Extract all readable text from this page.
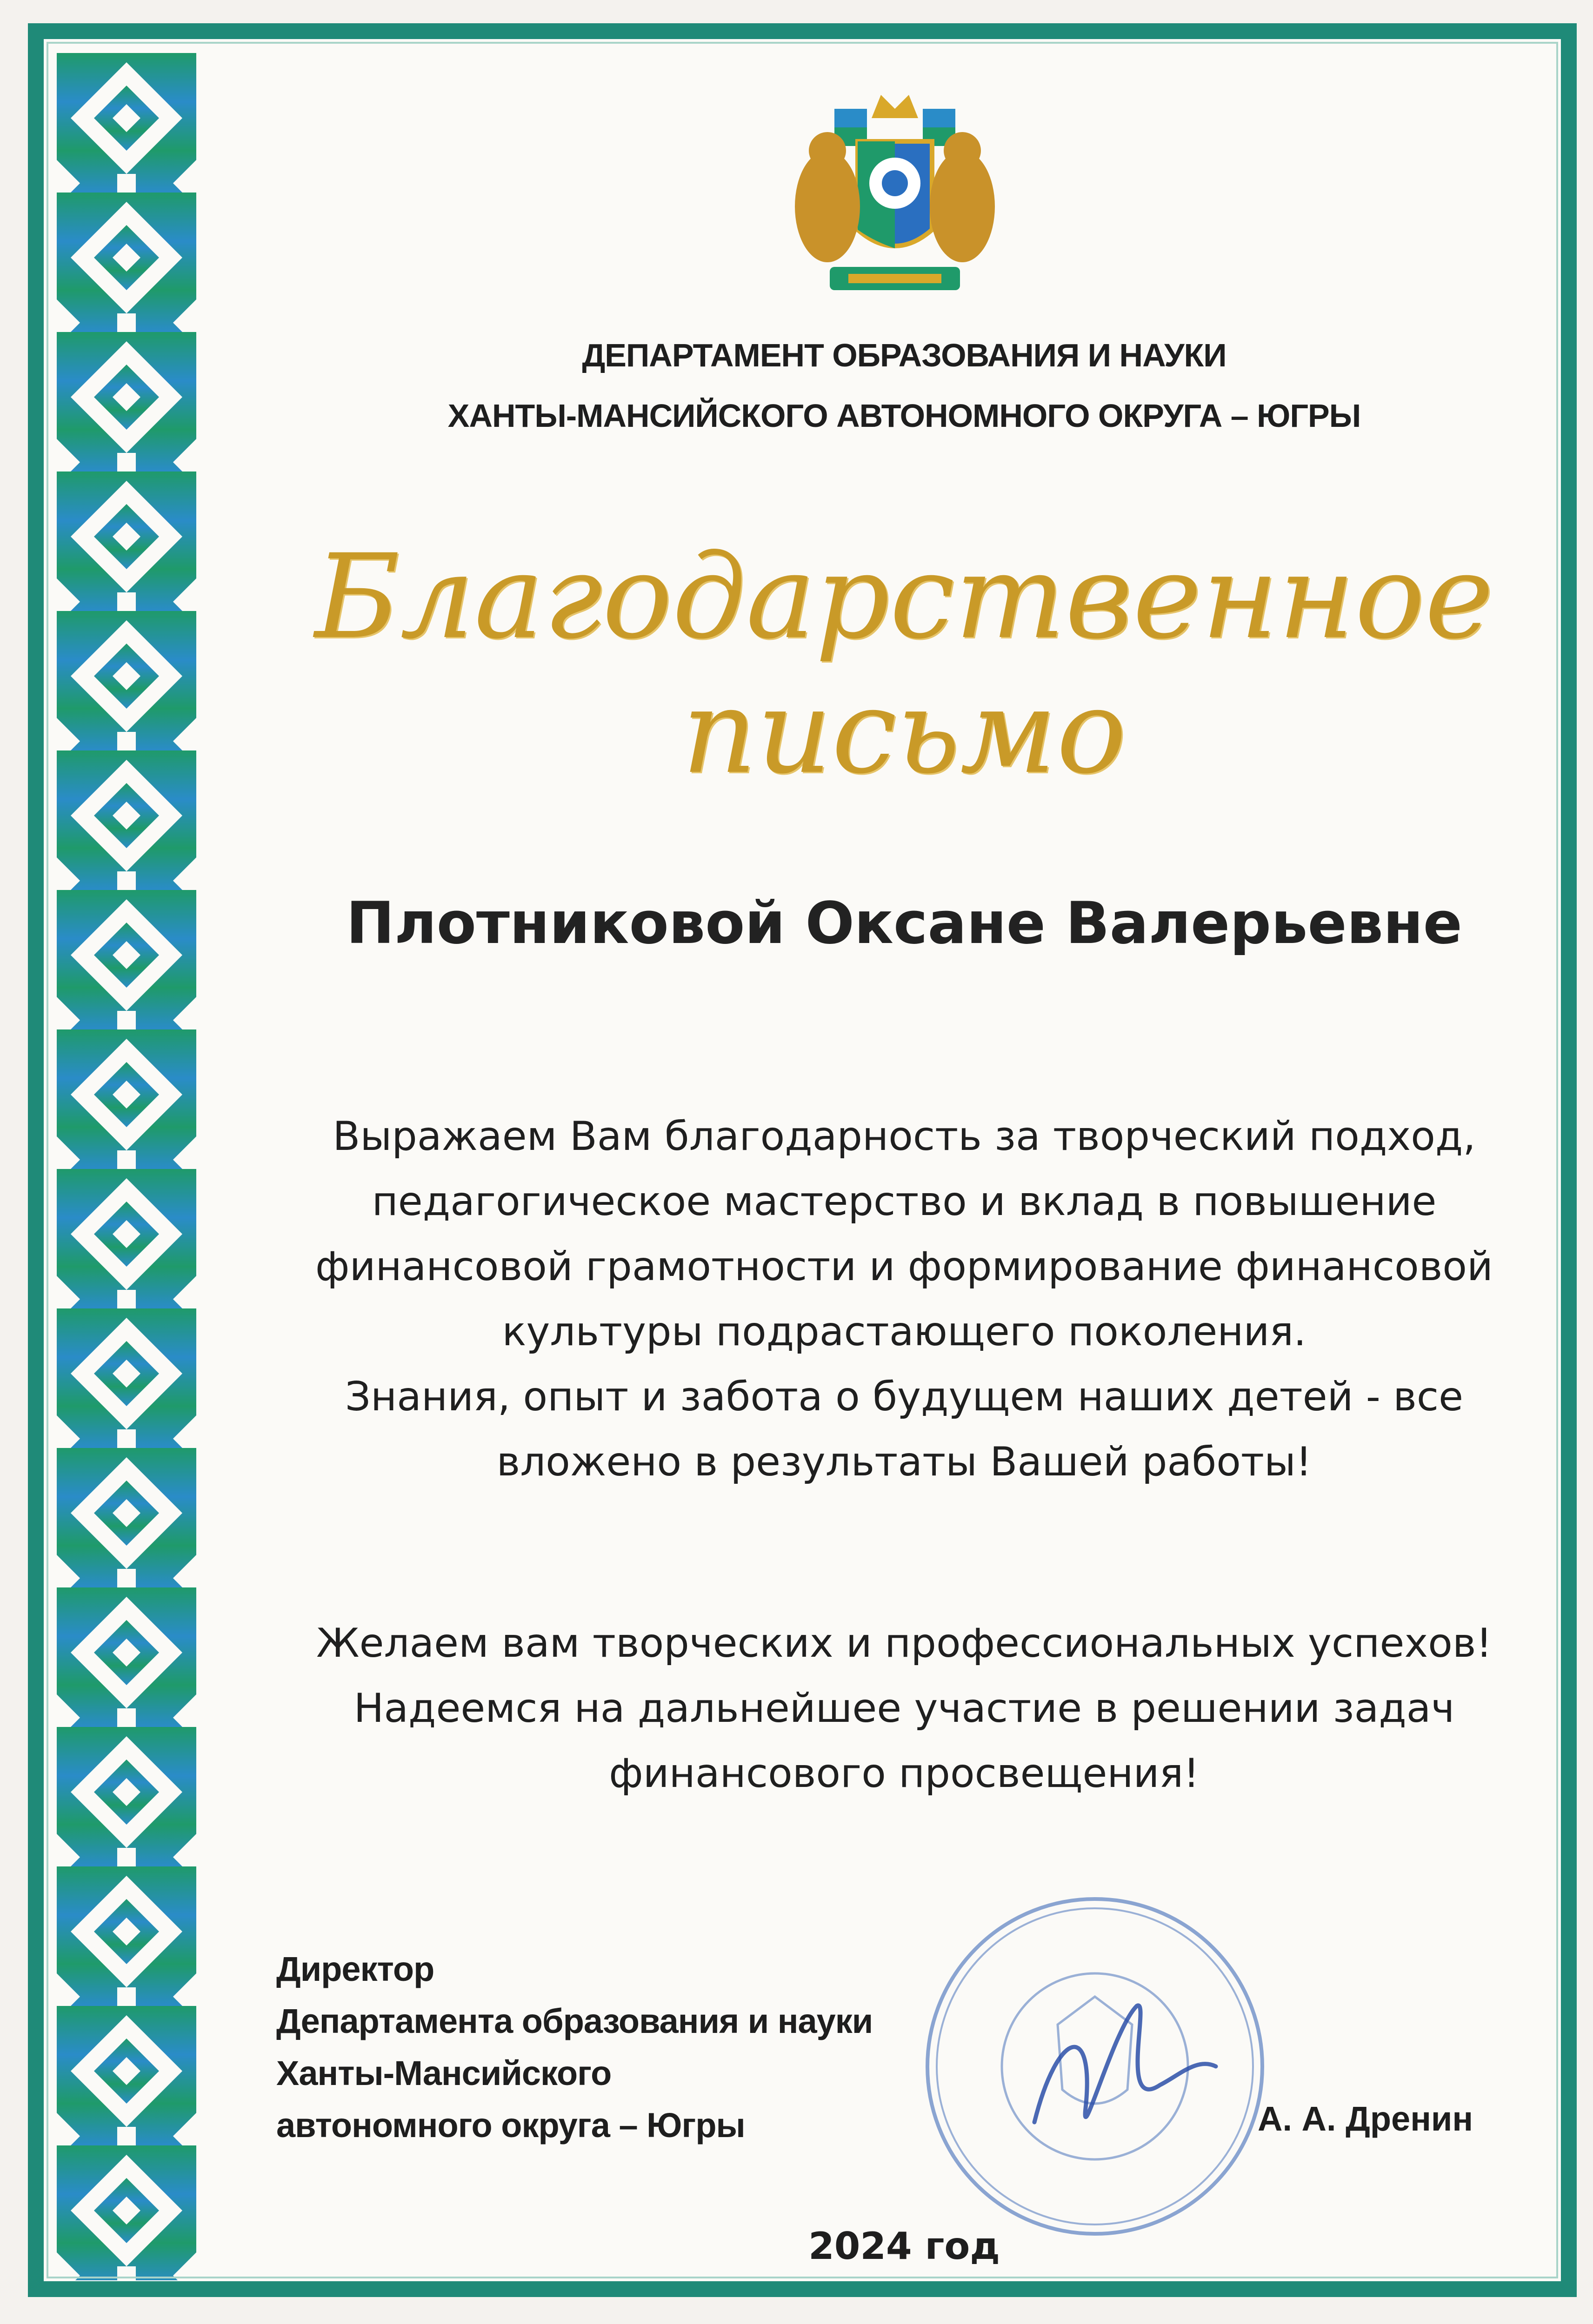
ДЕПАРТАМЕНТ ОБРАЗОВАНИЯ И НАУКИ
ХАНТЫ-МАНСИЙСКОГО АВТОНОМНОГО ОКРУГА – ЮГРЫ
Благодарственное
письмо
Плотниковой Оксане Валерьевне
Выражаем Вам благодарность за творческий подход,
педагогическое мастерство и вклад в повышение
финансовой грамотности и формирование финансовой
культуры подрастающего поколения.
Знания, опыт и забота о будущем наших детей - все
вложено в результаты Вашей работы!
Желаем вам творческих и профессиональных успехов!
Надеемся на дальнейшее участие в решении задач
финансового просвещения!
Директор
Департамента образования и науки
Ханты-Мансийского
автономного округа – Югры	А. А. Дренин
2024 год
